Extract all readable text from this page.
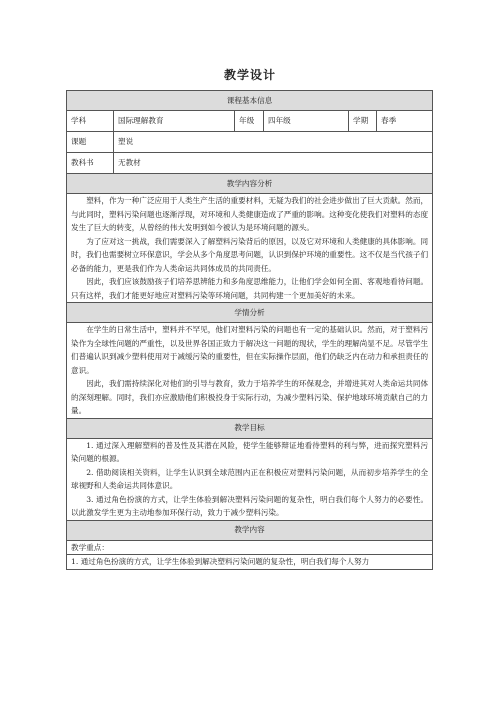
教学设计
课程基本信息					
学科	国际理解教育	年级	四年级	学期	春季
课题	塑说				
教科书	无教材				
教学内容分析					

塑料，作为一种广泛应用于人类生产生活的重要材料，无疑为我们的社会进步做出了巨大贡献。然而，与此同时，塑料污染问题也逐渐浮现，对环境和人类健康造成了严重的影响。这种变化使我们对塑料的态度发生了巨大的转变，从曾经的伟大发明到如今被认为是环境问题的源头。

为了应对这一挑战，我们需要深入了解塑料污染背后的原因，以及它对环境和人类健康的具体影响。同时，我们也需要树立环保意识，学会从多个角度思考问题，认识到保护环境的重要性。这不仅是当代孩子们必备的能力，更是我们作为人类命运共同体成员的共同责任。

因此，我们应该鼓励孩子们培养思辨能力和多角度思维能力，让他们学会如何全面、客观地看待问题。只有这样，我们才能更好地应对塑料污染等环境问题，共同构建一个更加美好的未来。					

学情分析					

在学生的日常生活中，塑料并不罕见，他们对塑料污染的问题也有一定的基础认识。然而，对于塑料污染作为全球性问题的严重性，以及世界各国正致力于解决这一问题的现状，学生的理解尚显不足。尽管学生们普遍认识到减少塑料使用对于减缓污染的重要性，但在实际操作层面，他们仍缺乏内在动力和承担责任的意识。

因此，我们需持续深化对他们的引导与教育，致力于培养学生的环保观念，并增进其对人类命运共同体的深刻理解。同时，我们亦应激励他们积极投身于实际行动，为减少塑料污染、保护地球环境贡献自己的力量。					

教学目标					

1. 通过深入理解塑料的普及性及其潜在风险，使学生能够辩证地看待塑料的利与弊，进而探究塑料污染问题的根源。

2. 借助阅读相关资料，让学生认识到全球范围内正在积极应对塑料污染问题，从而初步培养学生的全球视野和人类命运共同体意识。

3. 通过角色扮演的方式，让学生体验到解决塑料污染问题的复杂性，明白我们每个人努力的必要性。以此激发学生更为主动地参加环保行动，致力于减少塑料污染。					

教学内容					

教学重点：					

1. 通过角色扮演的方式，让学生体验到解决塑料污染问题的复杂性，明白我们每个人努力					
